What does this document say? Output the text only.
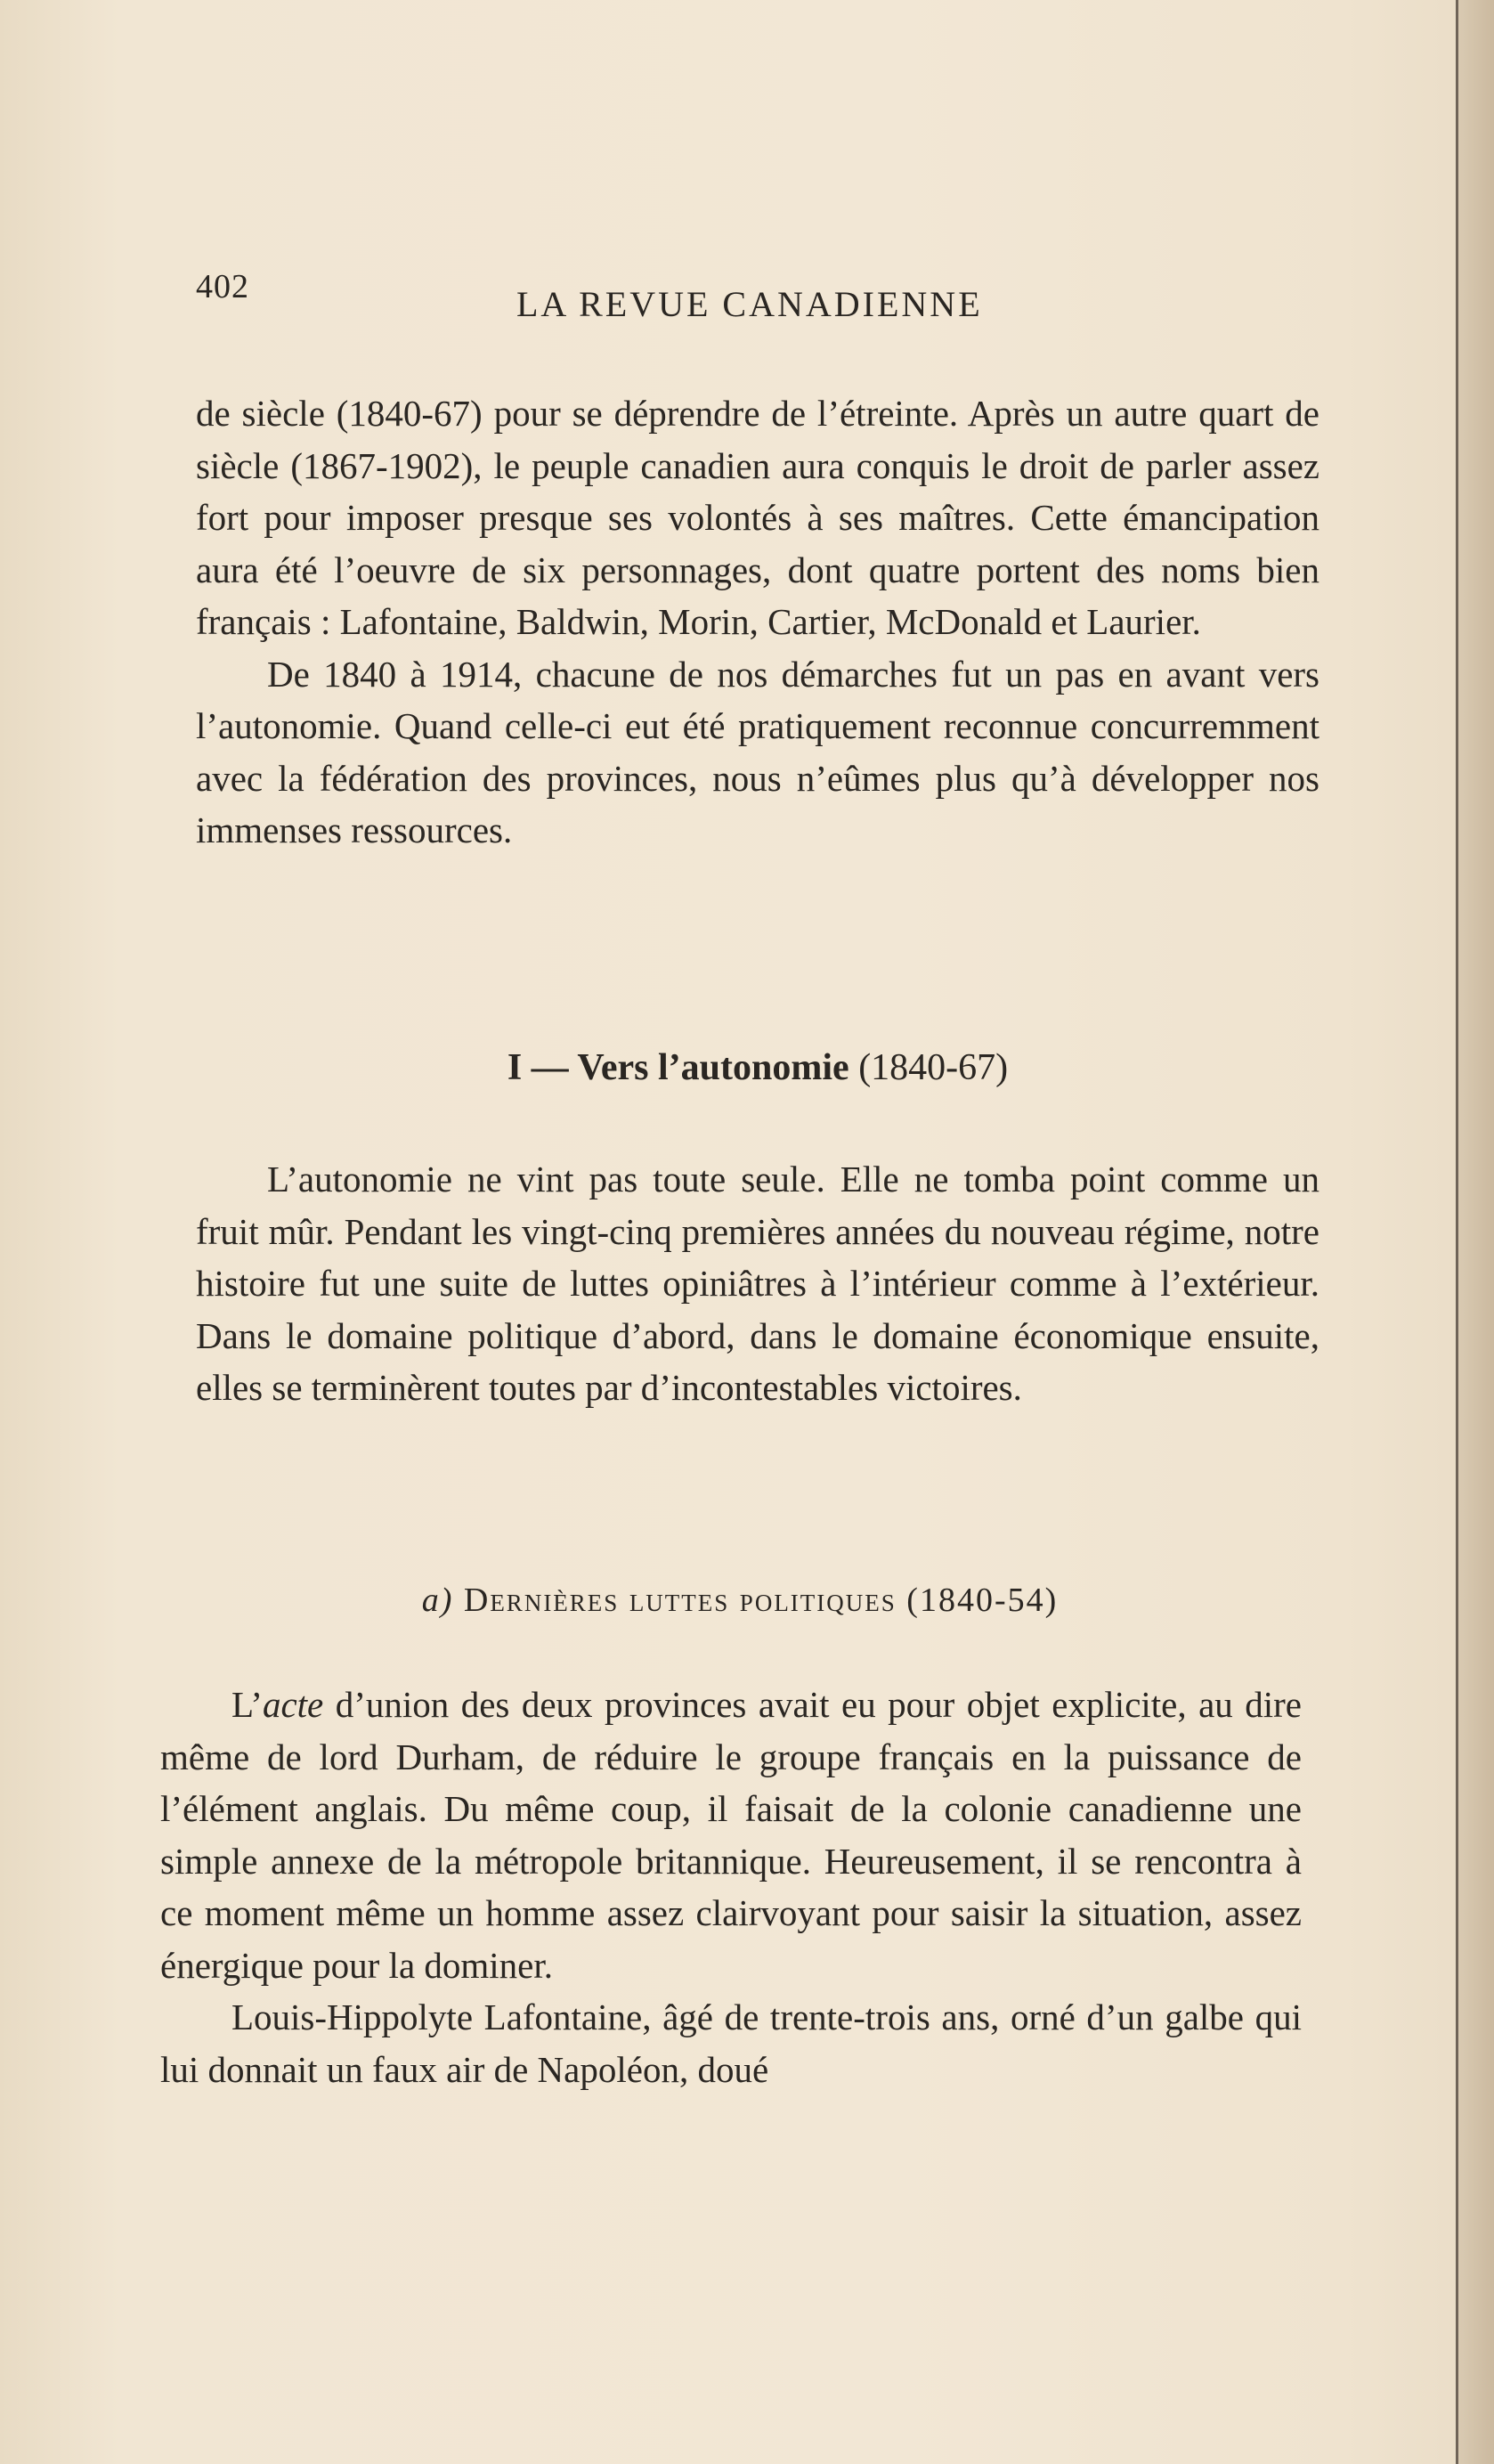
402	LA REVUE CANADIENNE

de siècle (1840-67) pour se déprendre de l’étreinte. Après un autre quart de siècle (1867-1902), le peuple canadien aura conquis le droit de parler assez fort pour imposer presque ses volontés à ses maîtres. Cette émancipation aura été l’oeuvre de six personnages, dont quatre portent des noms bien français : Lafontaine, Baldwin, Morin, Cartier, McDonald et Laurier.

De 1840 à 1914, chacune de nos démarches fut un pas en avant vers l’autonomie. Quand celle-ci eut été pratiquement reconnue concurremment avec la fédération des provinces, nous n’eûmes plus qu’à développer nos immenses ressources.

I — Vers l’autonomie (1840-67)

L’autonomie ne vint pas toute seule. Elle ne tomba point comme un fruit mûr. Pendant les vingt-cinq premières années du nouveau régime, notre histoire fut une suite de luttes opiniâtres à l’intérieur comme à l’extérieur. Dans le domaine politique d’abord, dans le domaine économique ensuite, elles se terminèrent toutes par d’incontestables victoires.

a) Dernières luttes politiques (1840-54)

L’acte d’union des deux provinces avait eu pour objet explicite, au dire même de lord Durham, de réduire le groupe français en la puissance de l’élément anglais. Du même coup, il faisait de la colonie canadienne une simple annexe de la métropole britannique. Heureusement, il se rencontra à ce moment même un homme assez clairvoyant pour saisir la situation, assez énergique pour la dominer.

Louis-Hippolyte Lafontaine, âgé de trente-trois ans, orné d’un galbe qui lui donnait un faux air de Napoléon, doué
